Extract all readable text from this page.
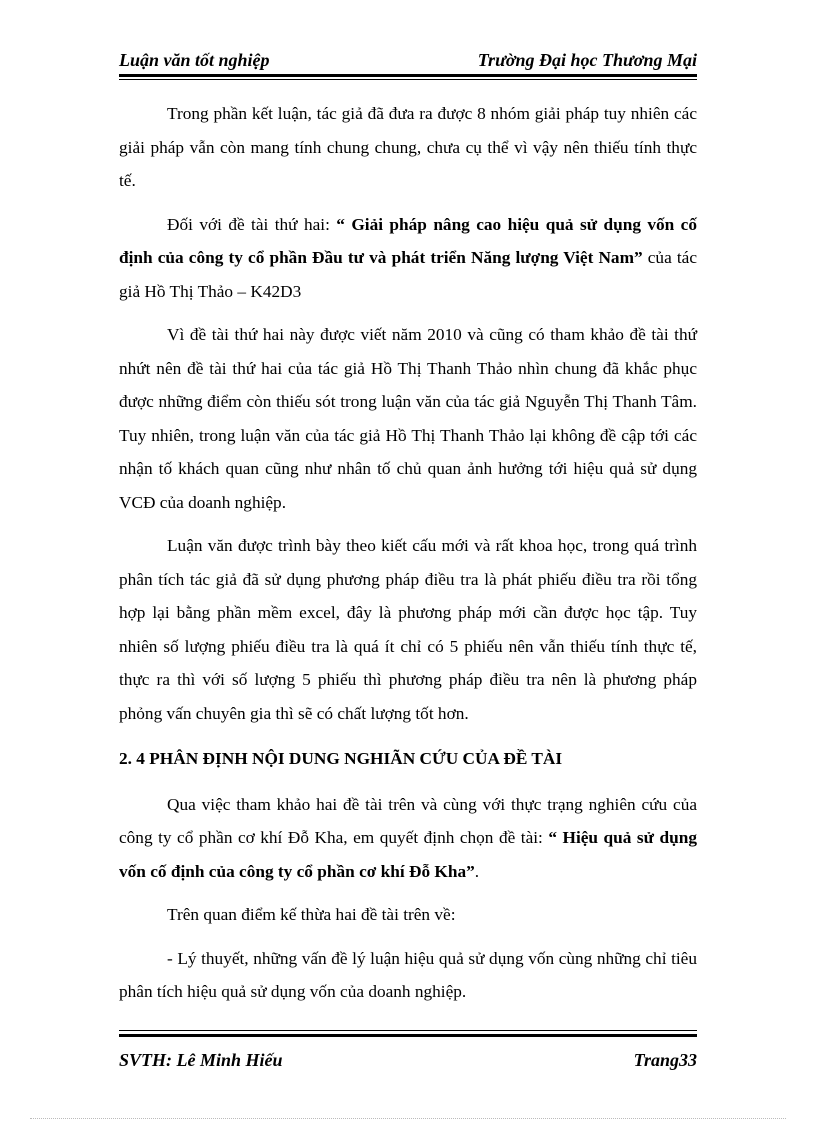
Luận văn tốt nghiệp	Trường Đại học Thương Mại

Trong phần kết luận, tác giả đã đưa ra được 8 nhóm giải pháp tuy nhiên các giải pháp vẫn còn mang tính chung chung, chưa cụ thể vì vậy nên thiếu tính thực tế.

Đối với đề tài thứ hai: “ Giải pháp nâng cao hiệu quả sử dụng vốn cố định của công ty cổ phần Đầu tư và phát triển Năng lượng Việt Nam” của tác giả Hồ Thị Thảo – K42D3

Vì đề tài thứ hai này được viết năm 2010 và cũng có tham khảo đề tài thứ nhứt nên đề tài thứ hai của tác giả Hồ Thị Thanh Thảo nhìn chung đã khắc phục được những điểm còn thiếu sót trong luận văn của tác giả Nguyễn Thị Thanh Tâm. Tuy nhiên, trong luận văn của tác giả Hồ Thị Thanh Thảo lại không đề cập tới các nhận tố khách quan cũng như nhân tố chủ quan ảnh hưởng tới hiệu quả sử dụng VCĐ của doanh nghiệp.

Luận văn được trình bày theo kiết cấu mới và rất khoa học, trong quá trình phân tích tác giả đã sử dụng phương pháp điều tra là phát phiếu điều tra rồi tổng hợp lại bằng phần mềm excel, đây là phương pháp mới cần được học tập. Tuy nhiên số lượng phiếu điều tra là quá ít chỉ có 5 phiếu nên vẫn thiếu tính thực tế, thực ra thì với số lượng 5 phiếu thì phương pháp điều tra nên là phương pháp phỏng vấn chuyên gia thì sẽ có chất lượng tốt hơn.

2. 4 PHÂN ĐỊNH NỘI DUNG NGHIÃN CỨU CỦA ĐỀ TÀI

Qua việc tham khảo hai đề tài trên và cùng với thực trạng nghiên cứu của công ty cổ phần cơ khí Đỗ Kha, em quyết định chọn đề tài: “ Hiệu quả sử dụng vốn cố định của công ty cổ phần cơ khí Đỗ Kha”.

Trên quan điểm kế thừa hai đề tài trên về:

- Lý thuyết, những vấn đề lý luận hiệu quả sử dụng vốn cùng những chỉ tiêu phân tích hiệu quả sử dụng vốn của doanh nghiệp.

SVTH: Lê Minh Hiếu	Trang33
